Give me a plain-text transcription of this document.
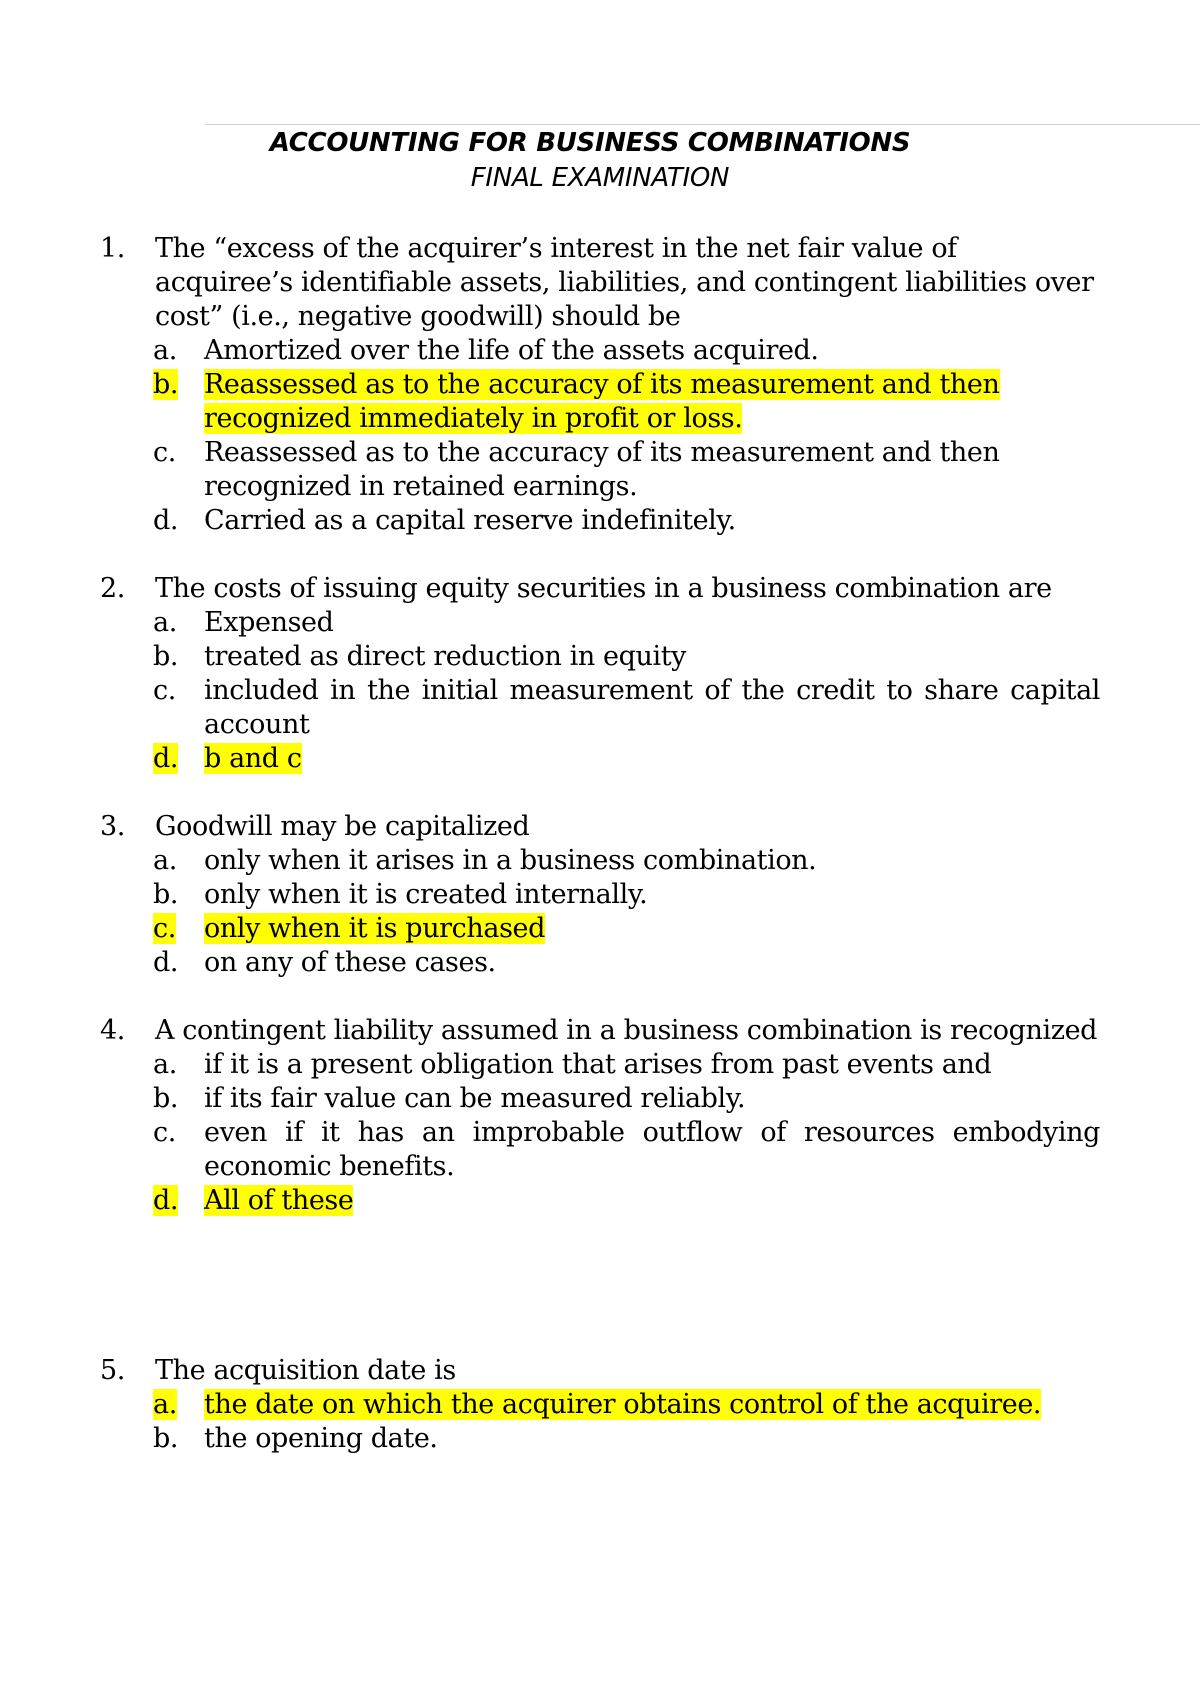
ACCOUNTING FOR BUSINESS COMBINATIONS
FINAL EXAMINATION
1.	The “excess of the acquirer’s interest in the net fair value of acquiree’s identifiable assets, liabilities, and contingent liabilities over cost” (i.e., negative goodwill) should be
a.	Amortized over the life of the assets acquired.
b. Reassessed as to the accuracy of its measurement and then recognized immediately in profit or loss.
c.	Reassessed as to the accuracy of its measurement and then recognized in retained earnings.
d. Carried as a capital reserve indefinitely.
2.	The costs of issuing equity securities in a business combination are
a.	Expensed
b. treated as direct reduction in equity
c.	included in the initial measurement of the credit to share capital account
d. b and c
3.	Goodwill may be capitalized
a.	only when it arises in a business combination.
b. only when it is created internally.
c.	only when it is purchased
d. on any of these cases.
4.	A contingent liability assumed in a business combination is recognized
a.	if it is a present obligation that arises from past events and
b. if its fair value can be measured reliably.
c.	even if it has an improbable outflow of resources embodying economic benefits.
d. All of these
5.	The acquisition date is
a.	the date on which the acquirer obtains control of the acquiree.
b. the opening date.
